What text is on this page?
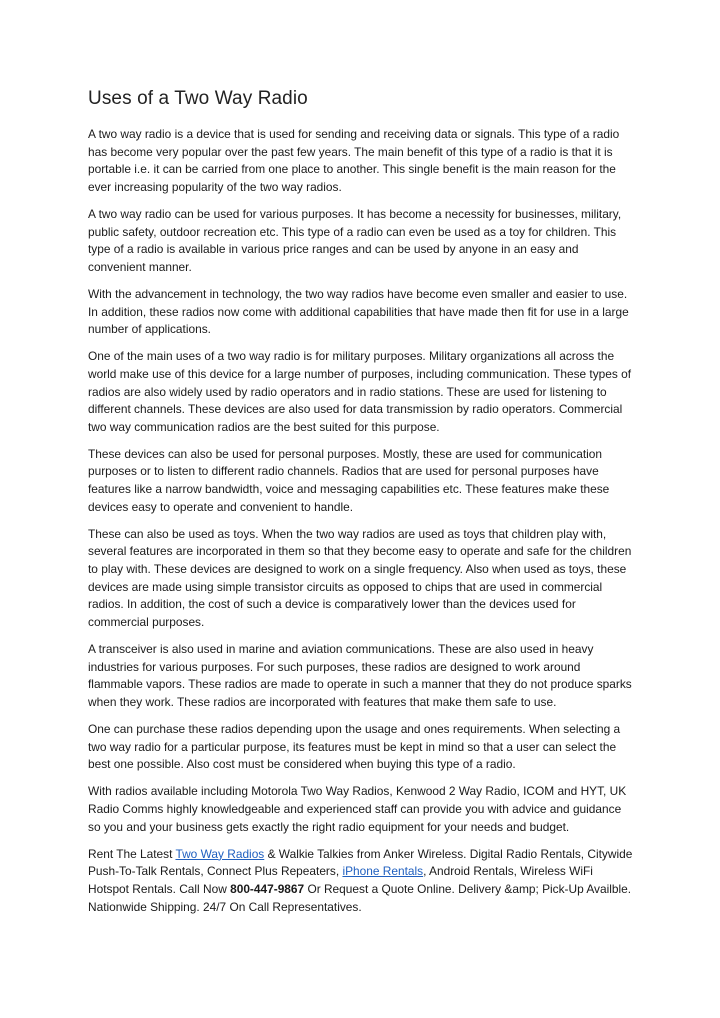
Uses of a Two Way Radio

A two way radio is a device that is used for sending and receiving data or signals. This type of a radio has become very popular over the past few years. The main benefit of this type of a radio is that it is portable i.e. it can be carried from one place to another. This single benefit is the main reason for the ever increasing popularity of the two way radios.

A two way radio can be used for various purposes. It has become a necessity for businesses, military, public safety, outdoor recreation etc. This type of a radio can even be used as a toy for children. This type of a radio is available in various price ranges and can be used by anyone in an easy and convenient manner.

With the advancement in technology, the two way radios have become even smaller and easier to use. In addition, these radios now come with additional capabilities that have made then fit for use in a large number of applications.

One of the main uses of a two way radio is for military purposes. Military organizations all across the world make use of this device for a large number of purposes, including communication. These types of radios are also widely used by radio operators and in radio stations. These are used for listening to different channels. These devices are also used for data transmission by radio operators. Commercial two way communication radios are the best suited for this purpose.

These devices can also be used for personal purposes. Mostly, these are used for communication purposes or to listen to different radio channels. Radios that are used for personal purposes have features like a narrow bandwidth, voice and messaging capabilities etc. These features make these devices easy to operate and convenient to handle.

These can also be used as toys. When the two way radios are used as toys that children play with, several features are incorporated in them so that they become easy to operate and safe for the children to play with. These devices are designed to work on a single frequency. Also when used as toys, these devices are made using simple transistor circuits as opposed to chips that are used in commercial radios. In addition, the cost of such a device is comparatively lower than the devices used for commercial purposes.

A transceiver is also used in marine and aviation communications. These are also used in heavy industries for various purposes. For such purposes, these radios are designed to work around flammable vapors. These radios are made to operate in such a manner that they do not produce sparks when they work. These radios are incorporated with features that make them safe to use.

One can purchase these radios depending upon the usage and ones requirements. When selecting a two way radio for a particular purpose, its features must be kept in mind so that a user can select the best one possible. Also cost must be considered when buying this type of a radio.

With radios available including Motorola Two Way Radios, Kenwood 2 Way Radio, ICOM and HYT, UK Radio Comms highly knowledgeable and experienced staff can provide you with advice and guidance so you and your business gets exactly the right radio equipment for your needs and budget.

Rent The Latest Two Way Radios & Walkie Talkies from Anker Wireless. Digital Radio Rentals, Citywide Push-To-Talk Rentals, Connect Plus Repeaters, iPhone Rentals, Android Rentals, Wireless WiFi Hotspot Rentals. Call Now 800-447-9867 Or Request a Quote Online. Delivery &amp; Pick-Up Availble. Nationwide Shipping. 24/7 On Call Representatives.
